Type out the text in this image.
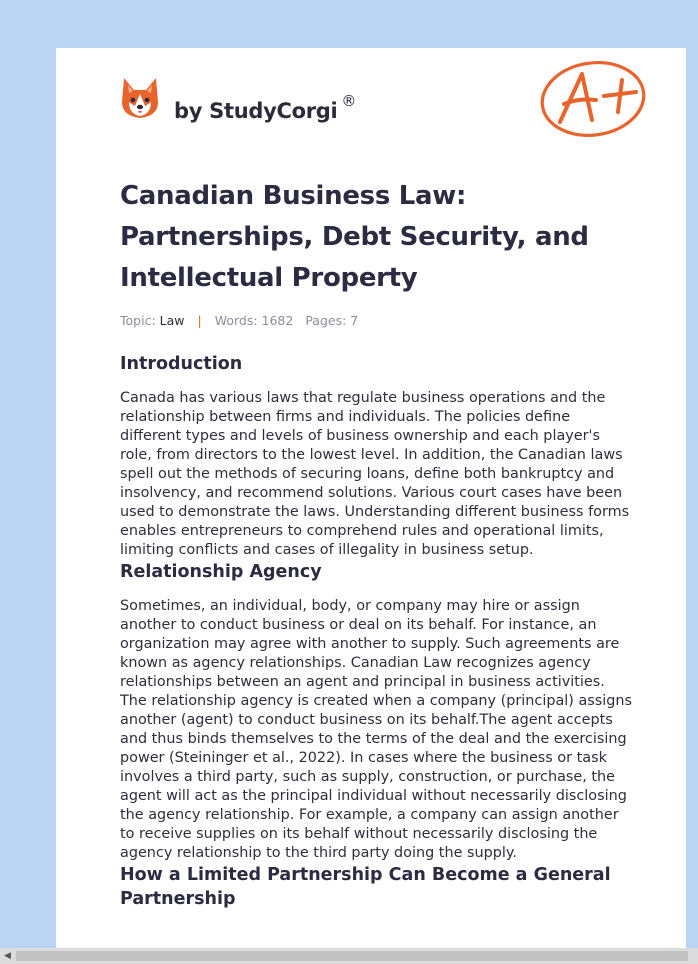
by StudyCorgi ®
Canadian Business Law: Partnerships, Debt Security, and Intellectual Property
Topic: Law | Words: 1682 Pages: 7
Introduction

Canada has various laws that regulate business operations and the relationship between firms and individuals. The policies define different types and levels of business ownership and each player's role, from directors to the lowest level. In addition, the Canadian laws spell out the methods of securing loans, define both bankruptcy and insolvency, and recommend solutions. Various court cases have been used to demonstrate the laws. Understanding different business forms enables entrepreneurs to comprehend rules and operational limits, limiting conflicts and cases of illegality in business setup.

Relationship Agency

Sometimes, an individual, body, or company may hire or assign another to conduct business or deal on its behalf. For instance, an organization may agree with another to supply. Such agreements are known as agency relationships. Canadian Law recognizes agency relationships between an agent and principal in business activities. The relationship agency is created when a company (principal) assigns another (agent) to conduct business on its behalf.The agent accepts and thus binds themselves to the terms of the deal and the exercising power (Steininger et al., 2022). In cases where the business or task involves a third party, such as supply, construction, or purchase, the agent will act as the principal individual without necessarily disclosing the agency relationship. For example, a company can assign another to receive supplies on its behalf without necessarily disclosing the agency relationship to the third party doing the supply.

How a Limited Partnership Can Become a General Partnership
◀
